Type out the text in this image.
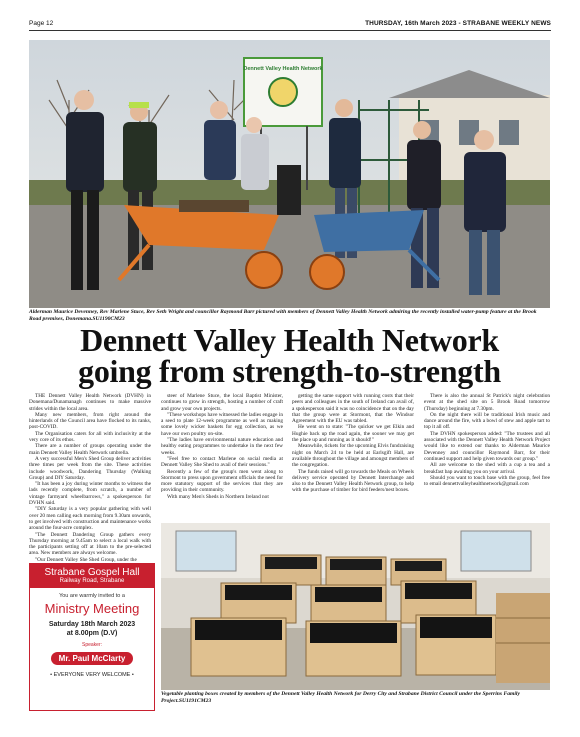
Page 12	THURSDAY, 16th March 2023 - STRABANE WEEKLY NEWS
Dennett Valley Health Network
Alderman Maurice Devenney, Rev Marlene Stuce, Rev Seth Wright and councillor Raymond Barr pictured with members of Dennett Valley Health Network admiring the recently installed water-pump feature at the Brook Road premises, Donemana.SU1190CM23
Dennett Valley Health Network
going from strength-to-strength

THE Dennett Valley Health Network (DVHN) in Donemana/Dunamanagh continues to make massive strides within the local area.

Many new members, from right around the hinterlands of the Council area have flocked to its ranks, post-COVID.

The Organisation caters for all with inclusivity at the very core of its ethos.

There are a number of groups operating under the main Dennett Valley Health Network umbrella.

A very successful Men's Shed Group deliver activities three times per week from the site. These activities include woodwork, Dandering Thursday (Walking Group) and DIY Saturday.

"It has been a joy during winter months to witness the lads recently complete, from scratch, a number of vintage farmyard wheelbarrows," a spokesperson for DVHN said.

"DIY Saturday is a very popular gathering with well over 20 men calling each morning from 9.30am onwards, to get involved with construction and maintenance works around the four-acre complex.

"The Dennett Dandering Group gathers every Thursday morning at 9.45am to select a local walk with the participants setting off at 10am to the pre-selected area. New members are always welcome.

"Our Dennett Valley She Shed Group, under the

steer of Marlene Stuce, the local Baptist Minister, continues to grow in strength, hosting a number of craft and grow your own projects.

"These workshops have witnessed the ladies engage in a seed to plate 12-week programme as well as making some lovely wicker baskets for egg collection, as we have our own poultry on-site.

"The ladies have environmental nature education and healthy eating programmes to undertake in the next few weeks.

"Feel free to contact Marlene on social media at Dennett Valley She Shed to avail of their sessions."

Recently a few of the group's men went along to Stormont to press upon government officials the need for more statutory support of the services that they are providing in their community.

With many Men's Sheds in Northern Ireland not

getting the same support with running costs that their peers and colleagues in the south of Ireland can avail of, a spokesperson said it was no coincidence that on the day that the group were at Stormont, that the Windsor Agreement with the EU was tabled.

He went on to state: "The quicker we get Elkin and Hughie back up the road again, the sooner we may get the place up and running as it should!"

Meanwhile, tickets for the upcoming Elvis fundraising night on March 24 to be held at Earlsgift Hall, are available throughout the village and amongst members of the congregation.

The funds raised will go towards the Meals on Wheels delivery service operated by Dennett Interchange and also to the Dennett Valley Health Network group, to help with the purchase of timber for bird feeders/nest boxes.

There is also the annual St Patrick's night celebration event at the shed site on 5 Brook Road tomorrow (Thursday) beginning at 7.30pm.

On the night there will be traditional Irish music and dance around the fire, with a bowl of stew and apple tart to top it all off.

The DVHN spokesperson added: "The trustees and all associated with the Dennett Valley Health Network Project would like to extend our thanks to Alderman Maurice Devenney and councillor Raymond Barr, for their continued support and help given towards our group."

All are welcome to the shed with a cup a tea and a breakfast bap awaiting you on your arrival.

Should you want to touch base with the group, feel free to email dennettvalleyhealthnetwork@gmail.com

Strabane Gospel Hall
Railway Road, Strabane
You are warmly invited to a
Ministry Meeting
Saturday 18th March 2023
at 8.00pm (D.V)
Speaker:
Mr. Paul McClarty
• EVERYONE VERY WELCOME •
Vegetable planting boxes created by members of the Dennett Valley Health Network for Derry City and Strabane District Council under the Sperrins Family Project.SU1191CM23
